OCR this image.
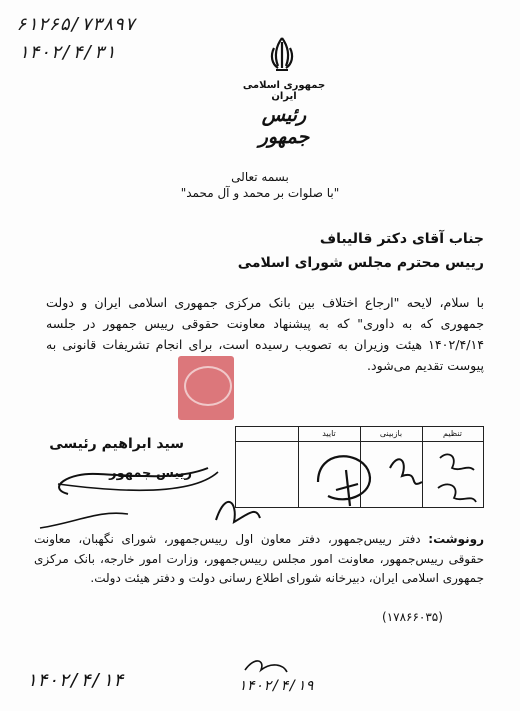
۶۱۲۶۵/۷۳۸۹۷
۱۴۰۲/۴/۳۱
جمهوری اسلامی ایران
رئیس جمهور
بسمه تعالی
"با صلوات بر محمد و آل محمد"
جناب آقای دکتر قالیباف
رییس محترم مجلس شورای اسلامی
با سلام، لایحه "ارجاع اختلاف بین بانک مرکزی جمهوری اسلامی ایران و دولت جمهوری که به داوری" که به پیشنهاد معاونت حقوقی رییس جمهور در جلسه ۱۴۰۲/۴/۱۴ هیئت وزیران به تصویب رسیده است، برای انجام تشریفات قانونی به پیوست تقدیم می‌شود.
تنظیم
بازبینی
تایید
سید ابراهیم رئیسی
رییس جمهور
رونوشت: دفتر رییس‌جمهور، دفتر معاون اول رییس‌جمهور، شورای نگهبان، معاونت حقوقی رییس‌جمهور، معاونت امور مجلس رییس‌جمهور، وزارت امور خارجه، بانک مرکزی جمهوری اسلامی ایران، دبیرخانه شورای اطلاع رسانی دولت و دفتر هیئت دولت.
(۱۷۸۶۶۰۳۵)
۱۴۰۲/۴/۱۴	۱۴۰۲/۴/۱۹
